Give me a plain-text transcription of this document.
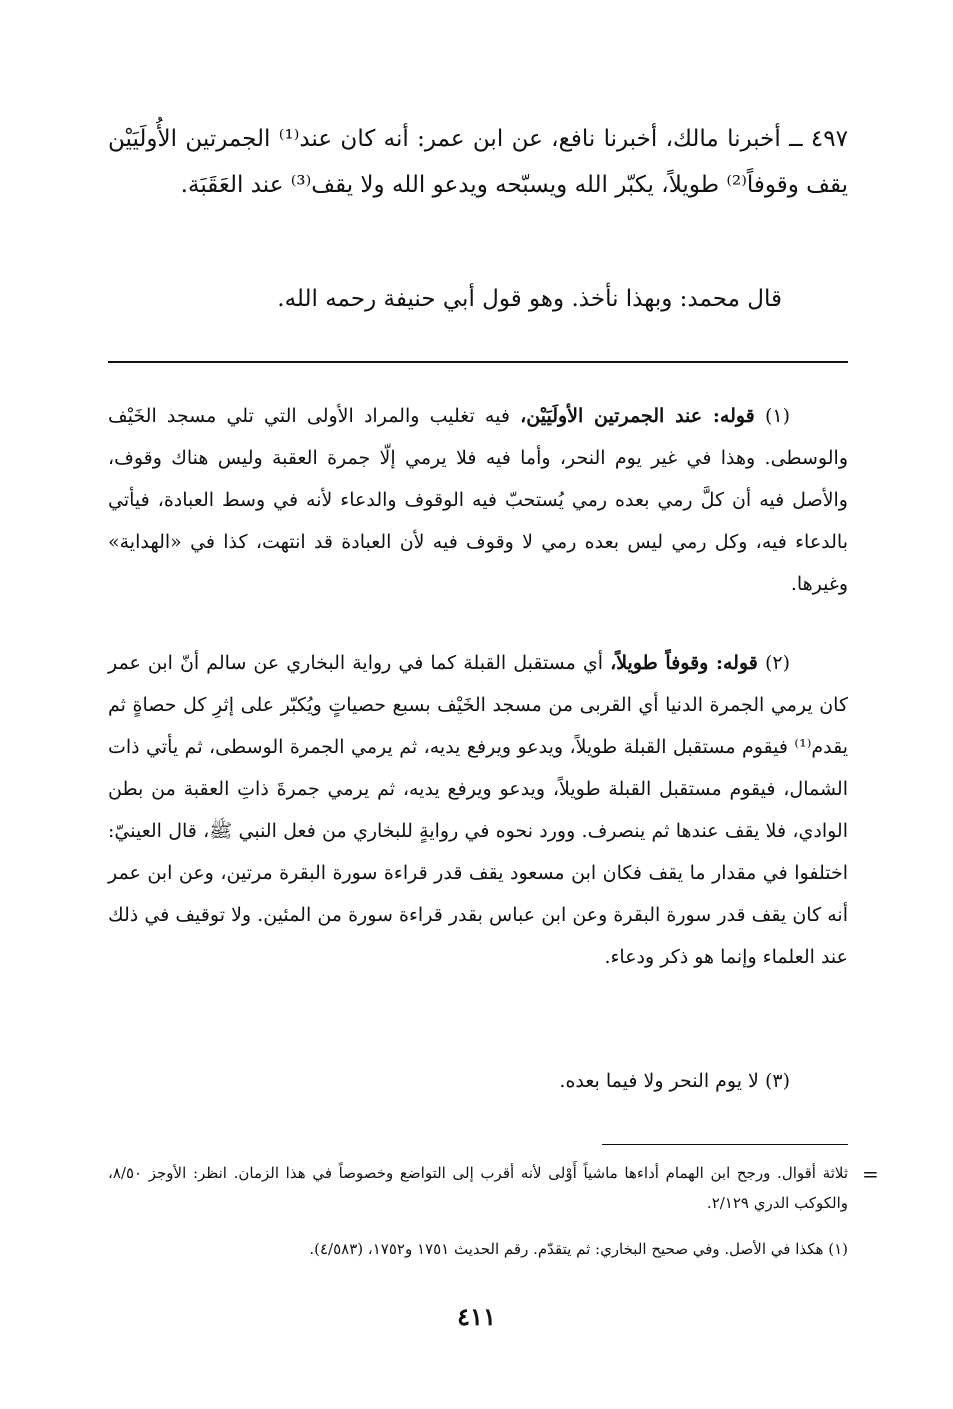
٤٩٧ ــ أخبرنا مالك، أخبرنا نافع، عن ابن عمر: أنه كان عند⁽¹⁾ الجمرتين الأُولَيَيْن يقف وقوفاً⁽²⁾ طويلاً، يكبّر الله ويسبّحه ويدعو الله ولا يقف⁽³⁾ عند العَقَبَة.
قال محمد: وبهذا نأخذ. وهو قول أبي حنيفة رحمه الله.
(١) قوله: عند الجمرتين الأولَيَيْن، فيه تغليب والمراد الأولى التي تلي مسجد الخَيْف والوسطى. وهذا في غير يوم النحر، وأما فيه فلا يرمي إلّا جمرة العقبة وليس هناك وقوف، والأصل فيه أن كلَّ رمي بعده رمي يُستحبّ فيه الوقوف والدعاء لأنه في وسط العبادة، فيأتي بالدعاء فيه، وكل رمي ليس بعده رمي لا وقوف فيه لأن العبادة قد انتهت، كذا في «الهداية» وغيرها.
(٢) قوله: وقوفاً طويلاً، أي مستقبل القبلة كما في رواية البخاري عن سالم أنّ ابن عمر كان يرمي الجمرة الدنيا أي القربى من مسجد الخَيْف بسبع حصياتٍ ويُكبّر على إثرِ كل حصاةٍ ثم يقدم⁽¹⁾ فيقوم مستقبل القبلة طويلاً، ويدعو ويرفع يديه، ثم يرمي الجمرة الوسطى، ثم يأتي ذات الشمال، فيقوم مستقبل القبلة طويلاً، ويدعو ويرفع يديه، ثم يرمي جمرةَ ذاتِ العقبة من بطن الوادي، فلا يقف عندها ثم ينصرف. وورد نحوه في روايةٍ للبخاري من فعل النبي ﷺ، قال العينيّ: اختلفوا في مقدار ما يقف فكان ابن مسعود يقف قدر قراءة سورة البقرة مرتين، وعن ابن عمر أنه كان يقف قدر سورة البقرة وعن ابن عباس بقدر قراءة سورة من المئين. ولا توقيف في ذلك عند العلماء وإنما هو ذكر ودعاء.
(٣) لا يوم النحر ولا فيما بعده.
=
ثلاثة أقوال. ورجح ابن الهمام أداءها ماشياً أَوْلى لأنه أقرب إلى التواضع وخصوصاً في هذا الزمان. انظر: الأوجز ٨/٥٠، والكوكب الدري ٢/١٢٩.
(١) هكذا في الأصل. وفي صحيح البخاري: ثم يتقدّم. رقم الحديث ١٧٥١ و١٧٥٢، (٤/٥٨٣).
٤١١
